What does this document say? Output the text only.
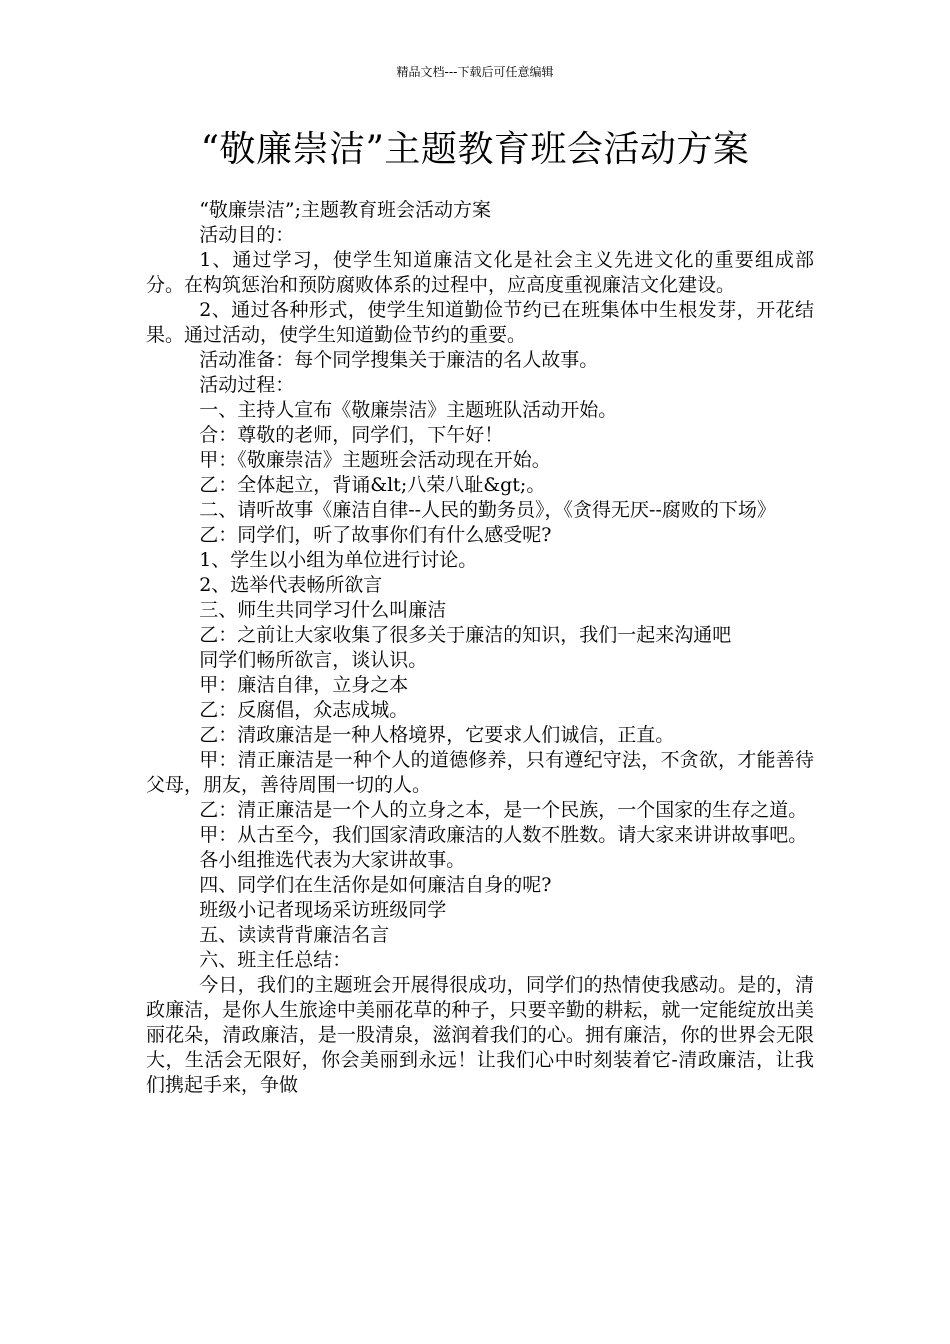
精品文档---下载后可任意编辑
“敬廉崇洁”主题教育班会活动方案

“敬廉崇洁”;主题教育班会活动方案

活动目的：

1、通过学习，使学生知道廉洁文化是社会主义先进文化的重要组成部分。在构筑惩治和预防腐败体系的过程中，应高度重视廉洁文化建设。

2、通过各种形式，使学生知道勤俭节约已在班集体中生根发芽，开花结果。通过活动，使学生知道勤俭节约的重要。

活动准备：每个同学搜集关于廉洁的名人故事。

活动过程：

一、主持人宣布《敬廉崇洁》主题班队活动开始。

合：尊敬的老师，同学们，下午好！

甲：《敬廉崇洁》主题班会活动现在开始。

乙：全体起立，背诵&lt;八荣八耻&gt;。

二、请听故事《廉洁自律--人民的勤务员》，《贪得无厌--腐败的下场》

乙：同学们，听了故事你们有什么感受呢?

1、学生以小组为单位进行讨论。

2、选举代表畅所欲言

三、师生共同学习什么叫廉洁

乙：之前让大家收集了很多关于廉洁的知识，我们一起来沟通吧

同学们畅所欲言，谈认识。

甲：廉洁自律，立身之本

乙：反腐倡，众志成城。

乙：清政廉洁是一种人格境界，它要求人们诚信，正直。

甲：清正廉洁是一种个人的道德修养，只有遵纪守法，不贪欲，才能善待父母，朋友，善待周围一切的人。

乙：清正廉洁是一个人的立身之本，是一个民族，一个国家的生存之道。

甲：从古至今，我们国家清政廉洁的人数不胜数。请大家来讲讲故事吧。

各小组推选代表为大家讲故事。

四、同学们在生活你是如何廉洁自身的呢?

班级小记者现场采访班级同学

五、读读背背廉洁名言

六、班主任总结：

今日，我们的主题班会开展得很成功，同学们的热情使我感动。是的，清政廉洁，是你人生旅途中美丽花草的种子，只要辛勤的耕耘，就一定能绽放出美丽花朵，清政廉洁，是一股清泉，滋润着我们的心。拥有廉洁，你的世界会无限大，生活会无限好，你会美丽到永远！让我们心中时刻装着它-清政廉洁，让我们携起手来，争做
